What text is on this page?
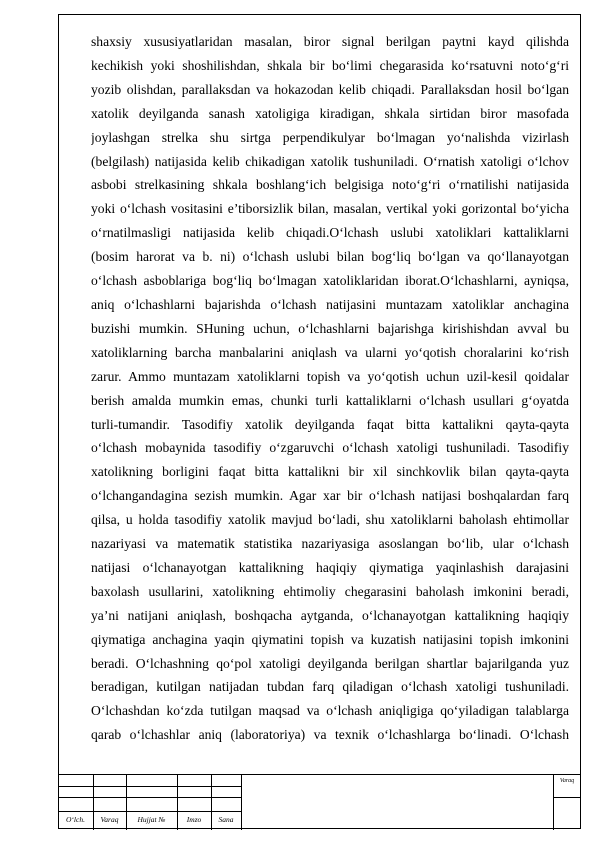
shaxsiy xususiyatlaridan masalan, biror signal berilgan paytni kayd qilishda
kechikish yoki shoshilishdan, shkala bir bo‘limi chegarasida ko‘rsatuvni noto‘g‘ri
yozib olishdan, parallaksdan va hokazodan kelib chiqadi. Parallaksdan hosil bo‘lgan
xatolik deyilganda sanash xatoligiga kiradigan, shkala sirtidan biror masofada
joylashgan strelka shu sirtga perpendikulyar bo‘lmagan yo‘nalishda vizirlash
(belgilash) natijasida kelib chikadigan xatolik tushuniladi. O‘rnatish xatoligi o‘lchov
asbobi strelkasining shkala boshlang‘ich belgisiga noto‘g‘ri o‘rnatilishi natijasida
yoki o‘lchash vositasini e’tiborsizlik bilan, masalan, vertikal yoki gorizontal bo‘yicha
o‘rnatilmasligi natijasida kelib chiqadi.O‘lchash uslubi xatoliklari kattaliklarni
(bosim harorat va b. ni) o‘lchash uslubi bilan bog‘liq bo‘lgan va qo‘llanayotgan
o‘lchash asboblariga bog‘liq bo‘lmagan xatoliklaridan iborat.O‘lchashlarni, ayniqsa,
aniq o‘lchashlarni bajarishda o‘lchash natijasini muntazam xatoliklar anchagina
buzishi mumkin. SHuning uchun, o‘lchashlarni bajarishga kirishishdan avval bu
xatoliklarning barcha manbalarini aniqlash va ularni yo‘qotish choralarini ko‘rish
zarur. Ammo muntazam xatoliklarni topish va yo‘qotish uchun uzil-kesil qoidalar
berish amalda mumkin emas, chunki turli kattaliklarni o‘lchash usullari g‘oyatda
turli-tumandir. Tasodifiy xatolik deyilganda faqat bitta kattalikni qayta-qayta
o‘lchash mobaynida tasodifiy o‘zgaruvchi o‘lchash xatoligi tushuniladi. Tasodifiy
xatolikning borligini faqat bitta kattalikni bir xil sinchkovlik bilan qayta-qayta
o‘lchangandagina sezish mumkin. Agar xar bir o‘lchash natijasi boshqalardan farq
qilsa, u holda tasodifiy xatolik mavjud bo‘ladi, shu xatoliklarni baholash ehtimollar
nazariyasi va matematik statistika nazariyasiga asoslangan bo‘lib, ular o‘lchash
natijasi o‘lchanayotgan kattalikning haqiqiy qiymatiga yaqinlashish darajasini
baxolash usullarini, xatolikning ehtimoliy chegarasini baholash imkonini beradi,
ya’ni natijani aniqlash, boshqacha aytganda, o‘lchanayotgan kattalikning haqiqiy
qiymatiga anchagina yaqin qiymatini topish va kuzatish natijasini topish imkonini
beradi. O‘lchashning qo‘pol xatoligi deyilganda berilgan shartlar bajarilganda yuz
beradigan, kutilgan natijadan tubdan farq qiladigan o‘lchash xatoligi tushuniladi.
O‘lchashdan ko‘zda tutilgan maqsad va o‘lchash aniqligiga qo‘yiladigan talablarga
qarab o‘lchashlar aniq (laboratoriya) va texnik o‘lchashlarga bo‘linadi. O‘lchash
Varaq
O‘lch.	Varaq	Hujjat №	Imzo	Sana
